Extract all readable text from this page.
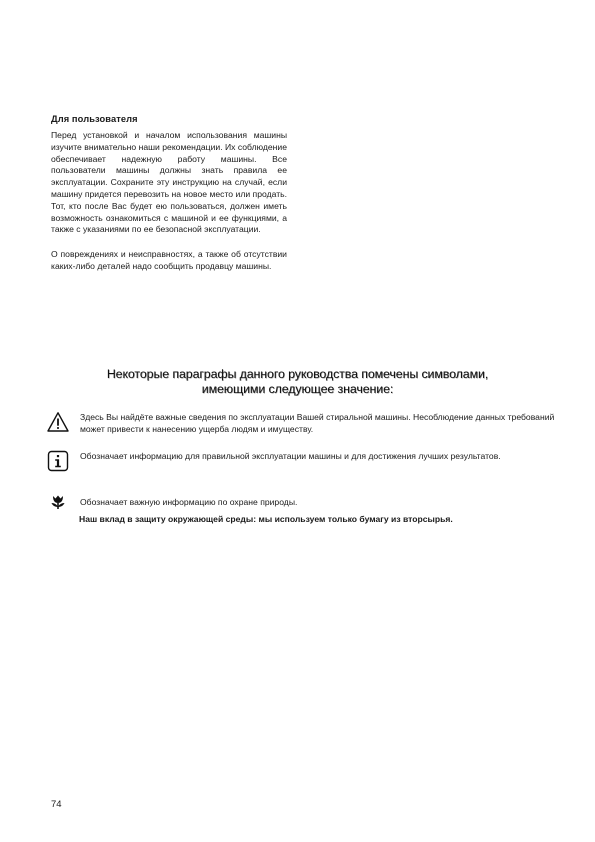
Для пользователя

Перед установкой и началом использования машины изучите внимательно наши рекомендации. Их соблюдение обеспечивает надежную работу машины. Все пользователи машины должны знать правила ее эксплуатации. Сохраните эту инструкцию на случай, если машину придется перевозить на новое место или продать. Тот, кто после Вас будет ею пользоваться, должен иметь возможность ознакомиться с машиной и ее функциями, а также с указаниями по ее безопасной эксплуатации.

О повреждениях и неисправностях, а также об отсутствии каких-либо деталей надо сообщить продавцу машины.

Некоторые параграфы данного руководства помечены символами,
имеющими следующее значение:
Здесь Вы найдёте важные сведения по эксплуатации Вашей стиральной машины. Несоблюдение данных требований может привести к нанесению ущерба людям и имуществу.
Обозначает информацию для правильной эксплуатации машины и для достижения лучших результатов.
Обозначает важную информацию по охране природы.
Наш вклад в защиту окружающей среды: мы используем только бумагу из вторсырья.
74
